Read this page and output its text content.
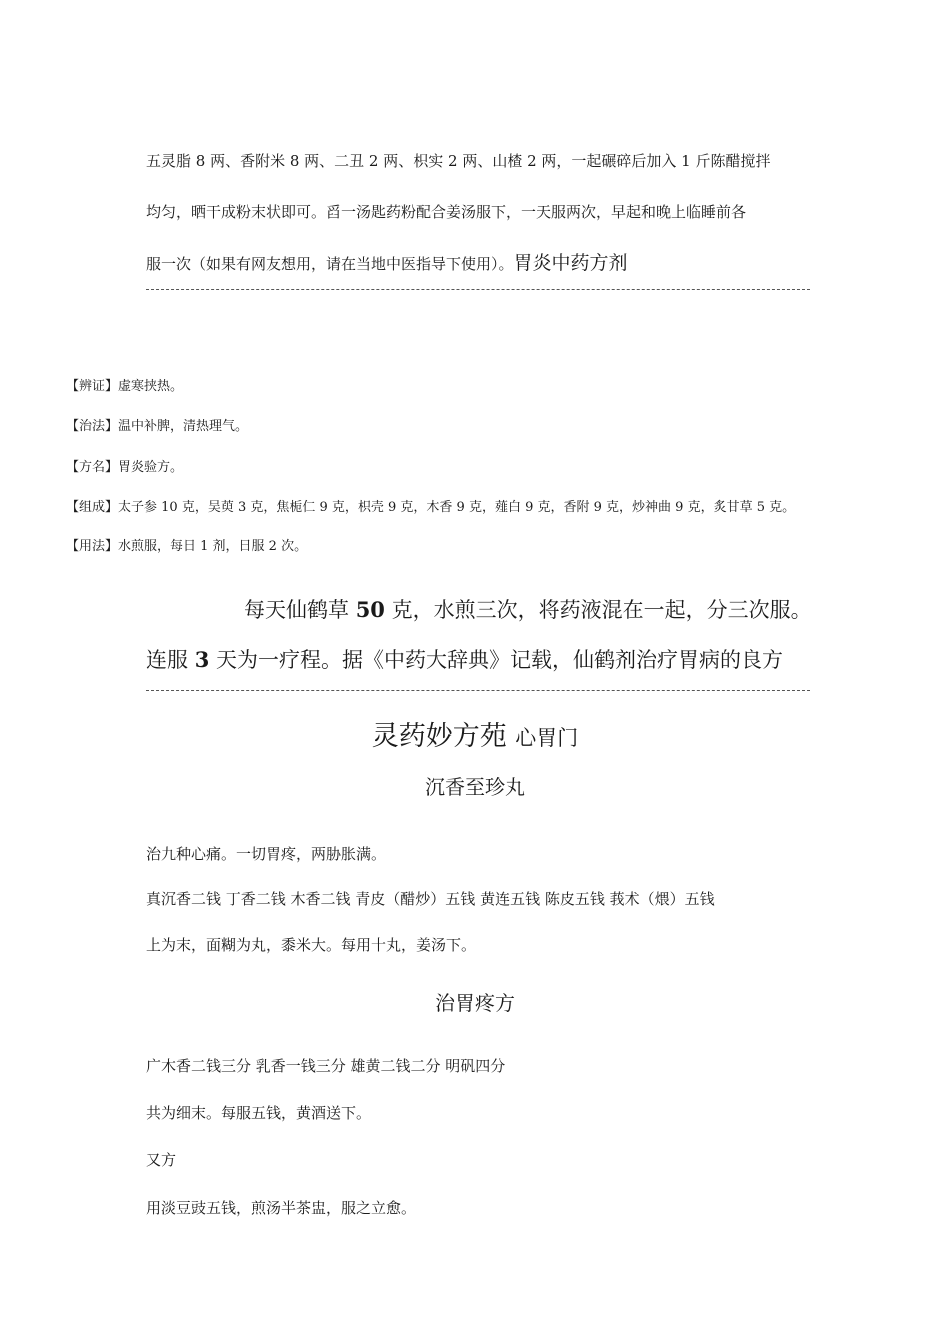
五灵脂 8 两、香附米 8 两、二丑 2 两、枳实 2 两、山楂 2 两，一起碾碎后加入 1 斤陈醋搅拌
均匀，晒干成粉末状即可。舀一汤匙药粉配合姜汤服下，一天服两次，早起和晚上临睡前各
服一次（如果有网友想用，请在当地中医指导下使用）。胃炎中药方剂
【辨证】虚寒挟热。
【治法】温中补脾，清热理气。
【方名】胃炎验方。
【组成】太子参 10 克，吴萸 3 克，焦栀仁 9 克，枳壳 9 克，木香 9 克，薤白 9 克，香附 9 克，炒神曲 9 克，炙甘草 5 克。
【用法】水煎服，每日 1 剂，日服 2 次。
每天仙鹤草 50 克，水煎三次，将药液混在一起，分三次服。
连服 3 天为一疗程。据《中药大辞典》记载，仙鹤剂治疗胃病的良方
灵药妙方苑 心胃门
沉香至珍丸
治九种心痛。一切胃疼，两胁胀满。
真沉香二钱 丁香二钱 木香二钱 青皮（醋炒）五钱 黄连五钱 陈皮五钱 莪术（煨）五钱
上为末，面糊为丸，黍米大。每用十丸，姜汤下。
治胃疼方
广木香二钱三分 乳香一钱三分 雄黄二钱二分 明矾四分
共为细末。每服五钱，黄酒送下。
又方
用淡豆豉五钱，煎汤半茶盅，服之立愈。
